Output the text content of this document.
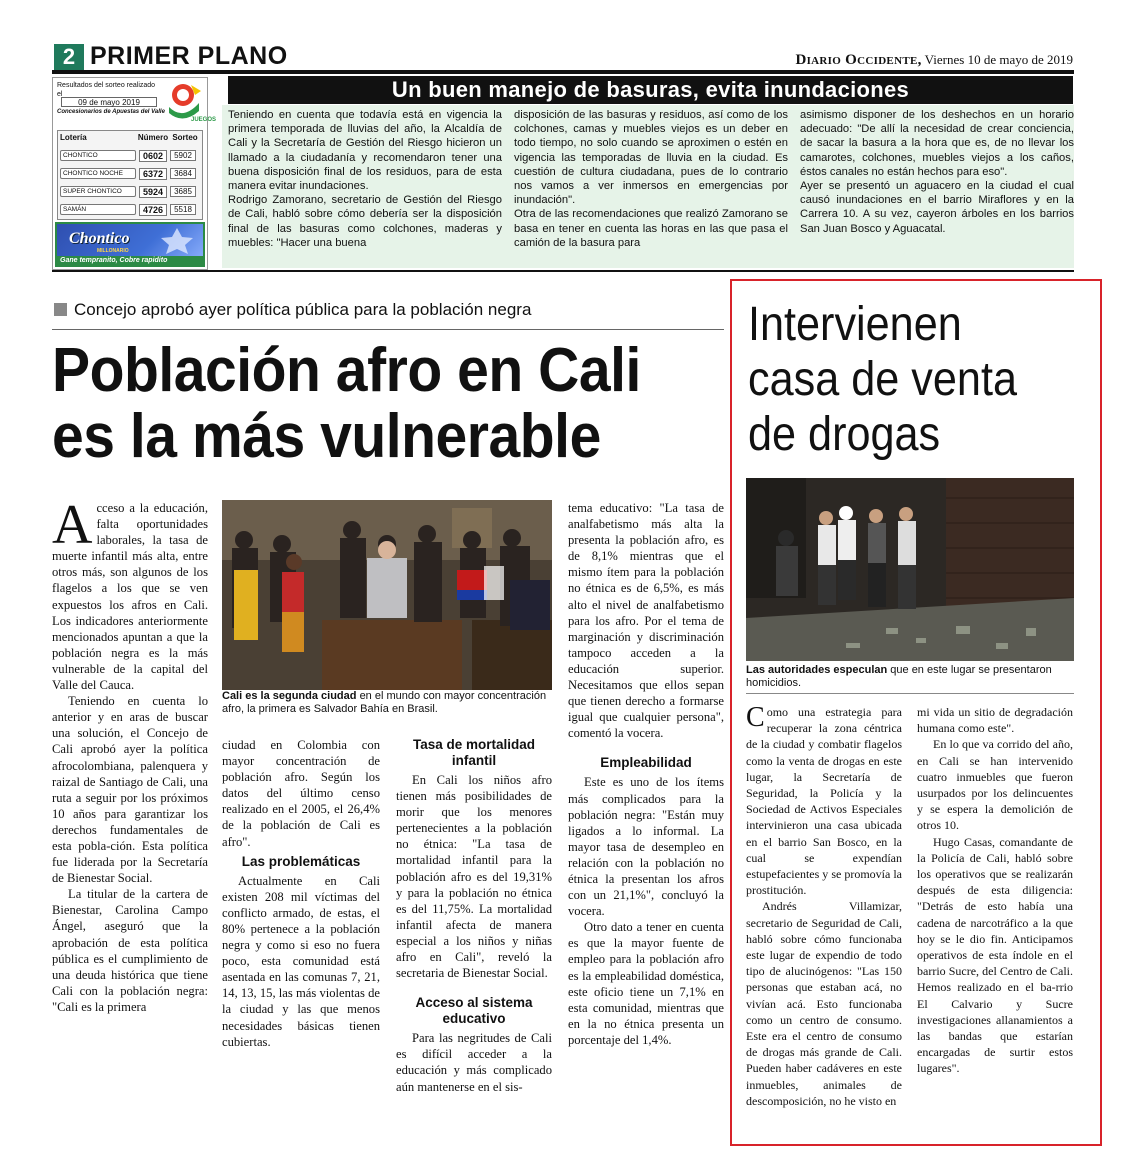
2 PRIMER PLANO	Diario Occidente, Viernes 10 de mayo de 2019
Resultados del sorteo realizado el
09 de mayo 2019
Concesionarios de Apuestas del Valle
JUEGOS
Lotería	Número Sorteo
CHONTICO	0602	5902
CHONTICO NOCHE	6372	3684
SUPER CHONTICO	5924	3685
SAMÁN	4726	5518
Chontico
MILLONARIO
Gane tempranito, Cobre rapidito
Un buen manejo de basuras, evita inundaciones

Teniendo en cuenta que todavía está en vigencia la primera temporada de lluvias del año, la Alcaldía de Cali y la Secretaría de Gestión del Riesgo hicieron un llamado a la ciudadanía y recomendaron tener una buena disposición final de los residuos, para de esta manera evitar inundaciones.

Rodrigo Zamorano, secretario de Gestión del Riesgo de Cali, habló sobre cómo debería ser la disposición final de las basuras como colchones, maderas y muebles: "Hacer una buena

disposición de las basuras y residuos, así como de los colchones, camas y muebles viejos es un deber en todo tiempo, no solo cuando se aproximen o estén en vigencia las temporadas de lluvia en la ciudad. Es cuestión de cultura ciudadana, pues de lo contrario nos vamos a ver inmersos en emergencias por inundación".

Otra de las recomendaciones que realizó Zamorano se basa en tener en cuenta las horas en las que pasa el camión de la basura para

asimismo disponer de los deshechos en un horario adecuado: "De allí la necesidad de crear conciencia, de sacar la basura a la hora que es, de no llevar los camarotes, colchones, muebles viejos a los caños, éstos canales no están hechos para eso".

Ayer se presentó un aguacero en la ciudad el cual causó inundaciones en el barrio Miraflores y en la Carrera 10. A su vez, cayeron árboles en los barrios San Juan Bosco y Aguacatal.

Concejo aprobó ayer política pública para la población negra
Población afro en Cali
es la más vulnerable

Acceso a la educación, falta oportunidades laborales, la tasa de muerte infantil más alta, entre otros más, son algunos de los flagelos a los que se ven expuestos los afros en Cali. Los indicadores anteriormente mencionados apuntan a que la población negra es la más vulnerable de la capital del Valle del Cauca.

Teniendo en cuenta lo anterior y en aras de buscar una solución, el Concejo de Cali aprobó ayer la política afrocolombiana, palenquera y raizal de Santiago de Cali, una ruta a seguir por los próximos 10 años para garantizar los derechos fundamentales de esta pobla-ción. Esta política fue liderada por la Secretaría de Bienestar Social.

La titular de la cartera de Bienestar, Carolina Campo Ángel, aseguró que la aprobación de esta política pública es el cumplimiento de una deuda histórica que tiene Cali con la población negra: "Cali es la primera

Cali es la segunda ciudad en el mundo con mayor concentración afro, la primera es Salvador Bahía en Brasil.

ciudad en Colombia con mayor concentración de población afro. Según los datos del último censo realizado en el 2005, el 26,4% de la población de Cali es afro".

Las problemáticas

Actualmente en Cali existen 208 mil víctimas del conflicto armado, de estas, el 80% pertenece a la población negra y como si eso no fuera poco, esta comunidad está asentada en las comunas 7, 21, 14, 13, 15, las más violentas de la ciudad y las que menos necesidades básicas tienen cubiertas.

Tasa de mortalidad infantil

En Cali los niños afro tienen más posibilidades de morir que los menores pertenecientes a la población no étnica: "La tasa de mortalidad infantil para la población afro es del 19,31% y para la población no étnica es del 11,75%. La mortalidad infantil afecta de manera especial a los niños y niñas afro en Cali", reveló la secretaria de Bienestar Social.

Acceso al sistema educativo

Para las negritudes de Cali es difícil acceder a la educación y más complicado aún mantenerse en el sis-

tema educativo: "La tasa de analfabetismo más alta la presenta la población afro, es de 8,1% mientras que el mismo ítem para la población no étnica es de 6,5%, es más alto el nivel de analfabetismo para los afro. Por el tema de marginación y discriminación tampoco acceden a la educación superior. Necesitamos que ellos sepan que tienen derecho a formarse igual que cualquier persona", comentó la vocera.

Empleabilidad

Este es uno de los ítems más complicados para la población negra: "Están muy ligados a lo informal. La mayor tasa de desempleo en relación con la población no étnica la presentan los afros con un 21,1%", concluyó la vocera.

Otro dato a tener en cuenta es que la mayor fuente de empleo para la población afro es la empleabilidad doméstica, este oficio tiene un 7,1% en esta comunidad, mientras que en la no étnica presenta un porcentaje del 1,4%.

Intervienen
casa de venta
de drogas
Las autoridades especulan que en este lugar se presentaron homicidios.

Como una estrategia para recuperar la zona céntrica de la ciudad y combatir flagelos como la venta de drogas en este lugar, la Secretaría de Seguridad, la Policía y la Sociedad de Activos Especiales intervinieron una casa ubicada en el barrio San Bosco, en la cual se expendían estupefacientes y se promovía la prostitución.

Andrés Villamizar, secretario de Seguridad de Cali, habló sobre cómo funcionaba este lugar de expendio de todo tipo de alucinógenos: "Las 150 personas que estaban acá, no vivían acá. Esto funcionaba como un centro de consumo. Este era el centro de consumo de drogas más grande de Cali. Pueden haber cadáveres en este inmuebles, animales de descomposición, no he visto en

mi vida un sitio de degradación humana como este".

En lo que va corrido del año, en Cali se han intervenido cuatro inmuebles que fueron usurpados por los delincuentes y se espera la demolición de otros 10.

Hugo Casas, comandante de la Policía de Cali, habló sobre los operativos que se realizarán después de esta diligencia: "Detrás de esto había una cadena de narcotráfico a la que hoy se le dio fin. Anticipamos operativos de esta índole en el barrio Sucre, del Centro de Cali. Hemos realizado en el ba-rrio El Calvario y Sucre investigaciones allanamientos a las bandas que estarían encargadas de surtir estos lugares".
